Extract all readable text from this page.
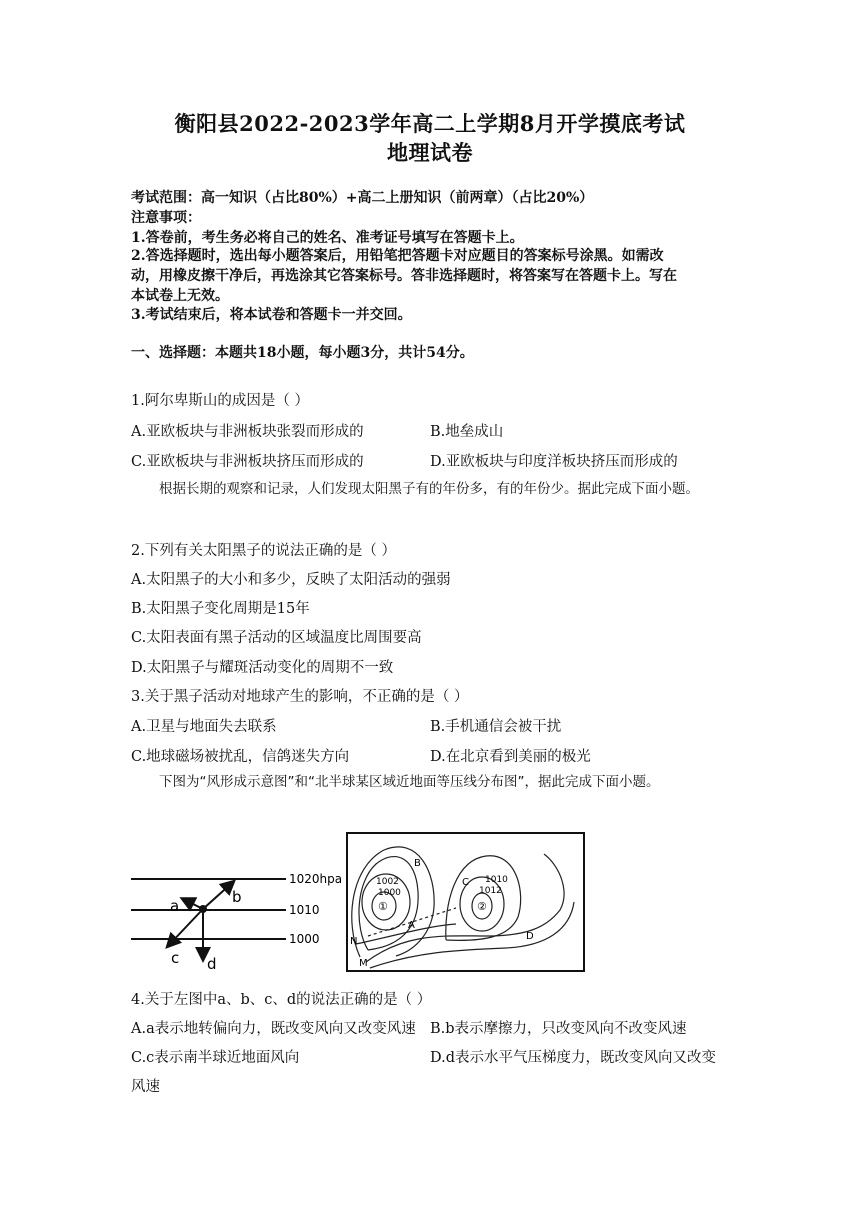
衡阳县2022-2023学年高二上学期8月开学摸底考试
地理试卷
考试范围：高一知识（占比80%）+高二上册知识（前两章）（占比20%）
注意事项：
1.答卷前，考生务必将自己的姓名、准考证号填写在答题卡上。
2.答选择题时，选出每小题答案后，用铅笔把答题卡对应题目的答案标号涂黑。如需改
动，用橡皮擦干净后，再选涂其它答案标号。答非选择题时，将答案写在答题卡上。写在
本试卷上无效。
3.考试结束后，将本试卷和答题卡一并交回。
一、选择题：本题共18小题，每小题3分，共计54分。
1.阿尔卑斯山的成因是（ ）
A.亚欧板块与非洲板块张裂而形成的	B.地垒成山
C.亚欧板块与非洲板块挤压而形成的	D.亚欧板块与印度洋板块挤压而形成的
根据长期的观察和记录，人们发现太阳黑子有的年份多，有的年份少。据此完成下面小题。
2.下列有关太阳黑子的说法正确的是（ ）
A.太阳黑子的大小和多少，反映了太阳活动的强弱
B.太阳黑子变化周期是15年
C.太阳表面有黑子活动的区域温度比周围要高
D.太阳黑子与耀斑活动变化的周期不一致
3.关于黑子活动对地球产生的影响，不正确的是（ ）
A.卫星与地面失去联系	B.手机通信会被干扰
C.地球磁场被扰乱，信鸽迷失方向	D.在北京看到美丽的极光
下图为“风形成示意图”和“北半球某区域近地面等压线分布图”，据此完成下面小题。
1020hpa
1010
1000
a	b
c d
1002
1000
1010
1012
①	②
A
B
C
D
N
M
4.关于左图中a、b、c、d的说法正确的是（ ）
A.a表示地转偏向力，既改变风向又改变风速 B.b表示摩擦力，只改变风向不改变风速
C.c表示南半球近地面风向	D.d表示水平气压梯度力，既改变风向又改变
风速
